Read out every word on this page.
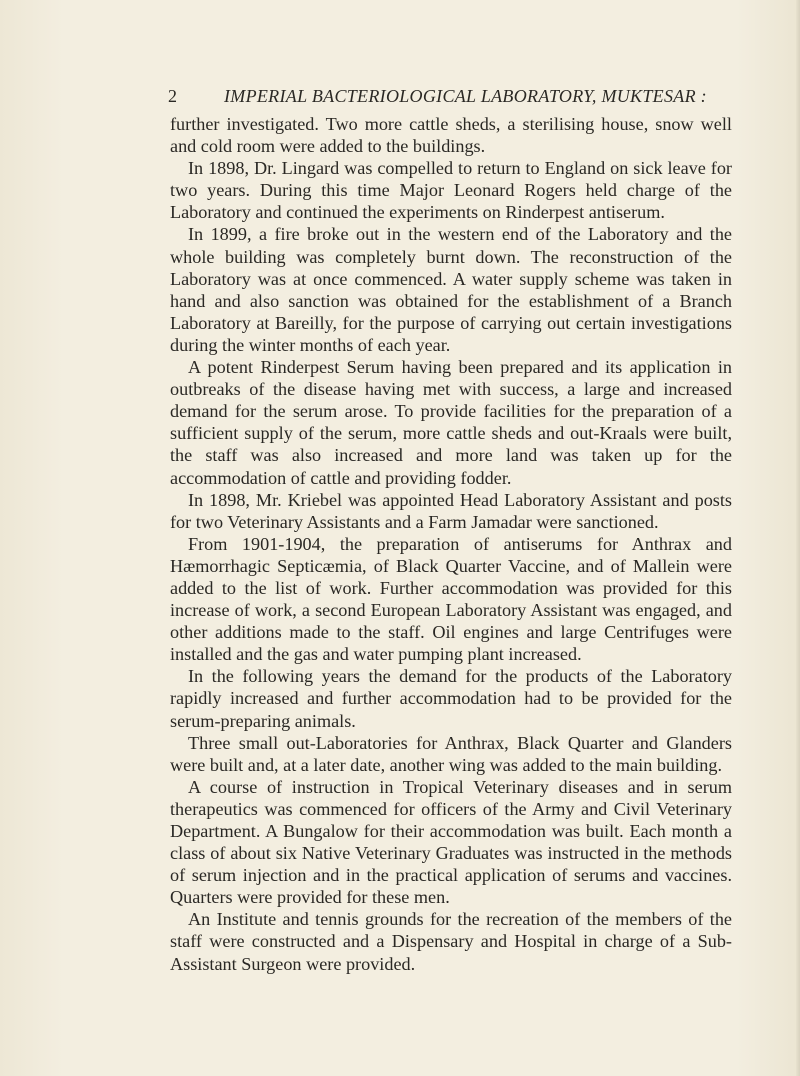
2	IMPERIAL BACTERIOLOGICAL LABORATORY, MUKTESAR :

further investigated. Two more cattle sheds, a sterilising house, snow well and cold room were added to the buildings.

In 1898, Dr. Lingard was compelled to return to England on sick leave for two years. During this time Major Leonard Rogers held charge of the Laboratory and continued the experiments on Rinderpest antiserum.

In 1899, a fire broke out in the western end of the Laboratory and the whole building was completely burnt down. The reconstruction of the Laboratory was at once commenced. A water supply scheme was taken in hand and also sanction was obtained for the establishment of a Branch Laboratory at Bareilly, for the purpose of carrying out certain investigations during the winter months of each year.

A potent Rinderpest Serum having been prepared and its application in outbreaks of the disease having met with success, a large and increased demand for the serum arose. To provide facilities for the preparation of a sufficient supply of the serum, more cattle sheds and out-Kraals were built, the staff was also increased and more land was taken up for the accommodation of cattle and providing fodder.

In 1898, Mr. Kriebel was appointed Head Laboratory Assistant and posts for two Veterinary Assistants and a Farm Jamadar were sanctioned.

From 1901-1904, the preparation of antiserums for Anthrax and Hæmorrhagic Septicæmia, of Black Quarter Vaccine, and of Mallein were added to the list of work. Further accommodation was provided for this increase of work, a second European Laboratory Assistant was engaged, and other additions made to the staff. Oil engines and large Centrifuges were installed and the gas and water pumping plant increased.

In the following years the demand for the products of the Laboratory rapidly increased and further accommodation had to be provided for the serum-preparing animals.

Three small out-Laboratories for Anthrax, Black Quarter and Glanders were built and, at a later date, another wing was added to the main building.

A course of instruction in Tropical Veterinary diseases and in serum therapeutics was commenced for officers of the Army and Civil Veterinary Department. A Bungalow for their accommodation was built. Each month a class of about six Native Veterinary Graduates was instructed in the methods of serum injection and in the practical application of serums and vaccines. Quarters were provided for these men.

An Institute and tennis grounds for the recreation of the members of the staff were constructed and a Dispensary and Hospital in charge of a Sub-Assistant Surgeon were provided.
